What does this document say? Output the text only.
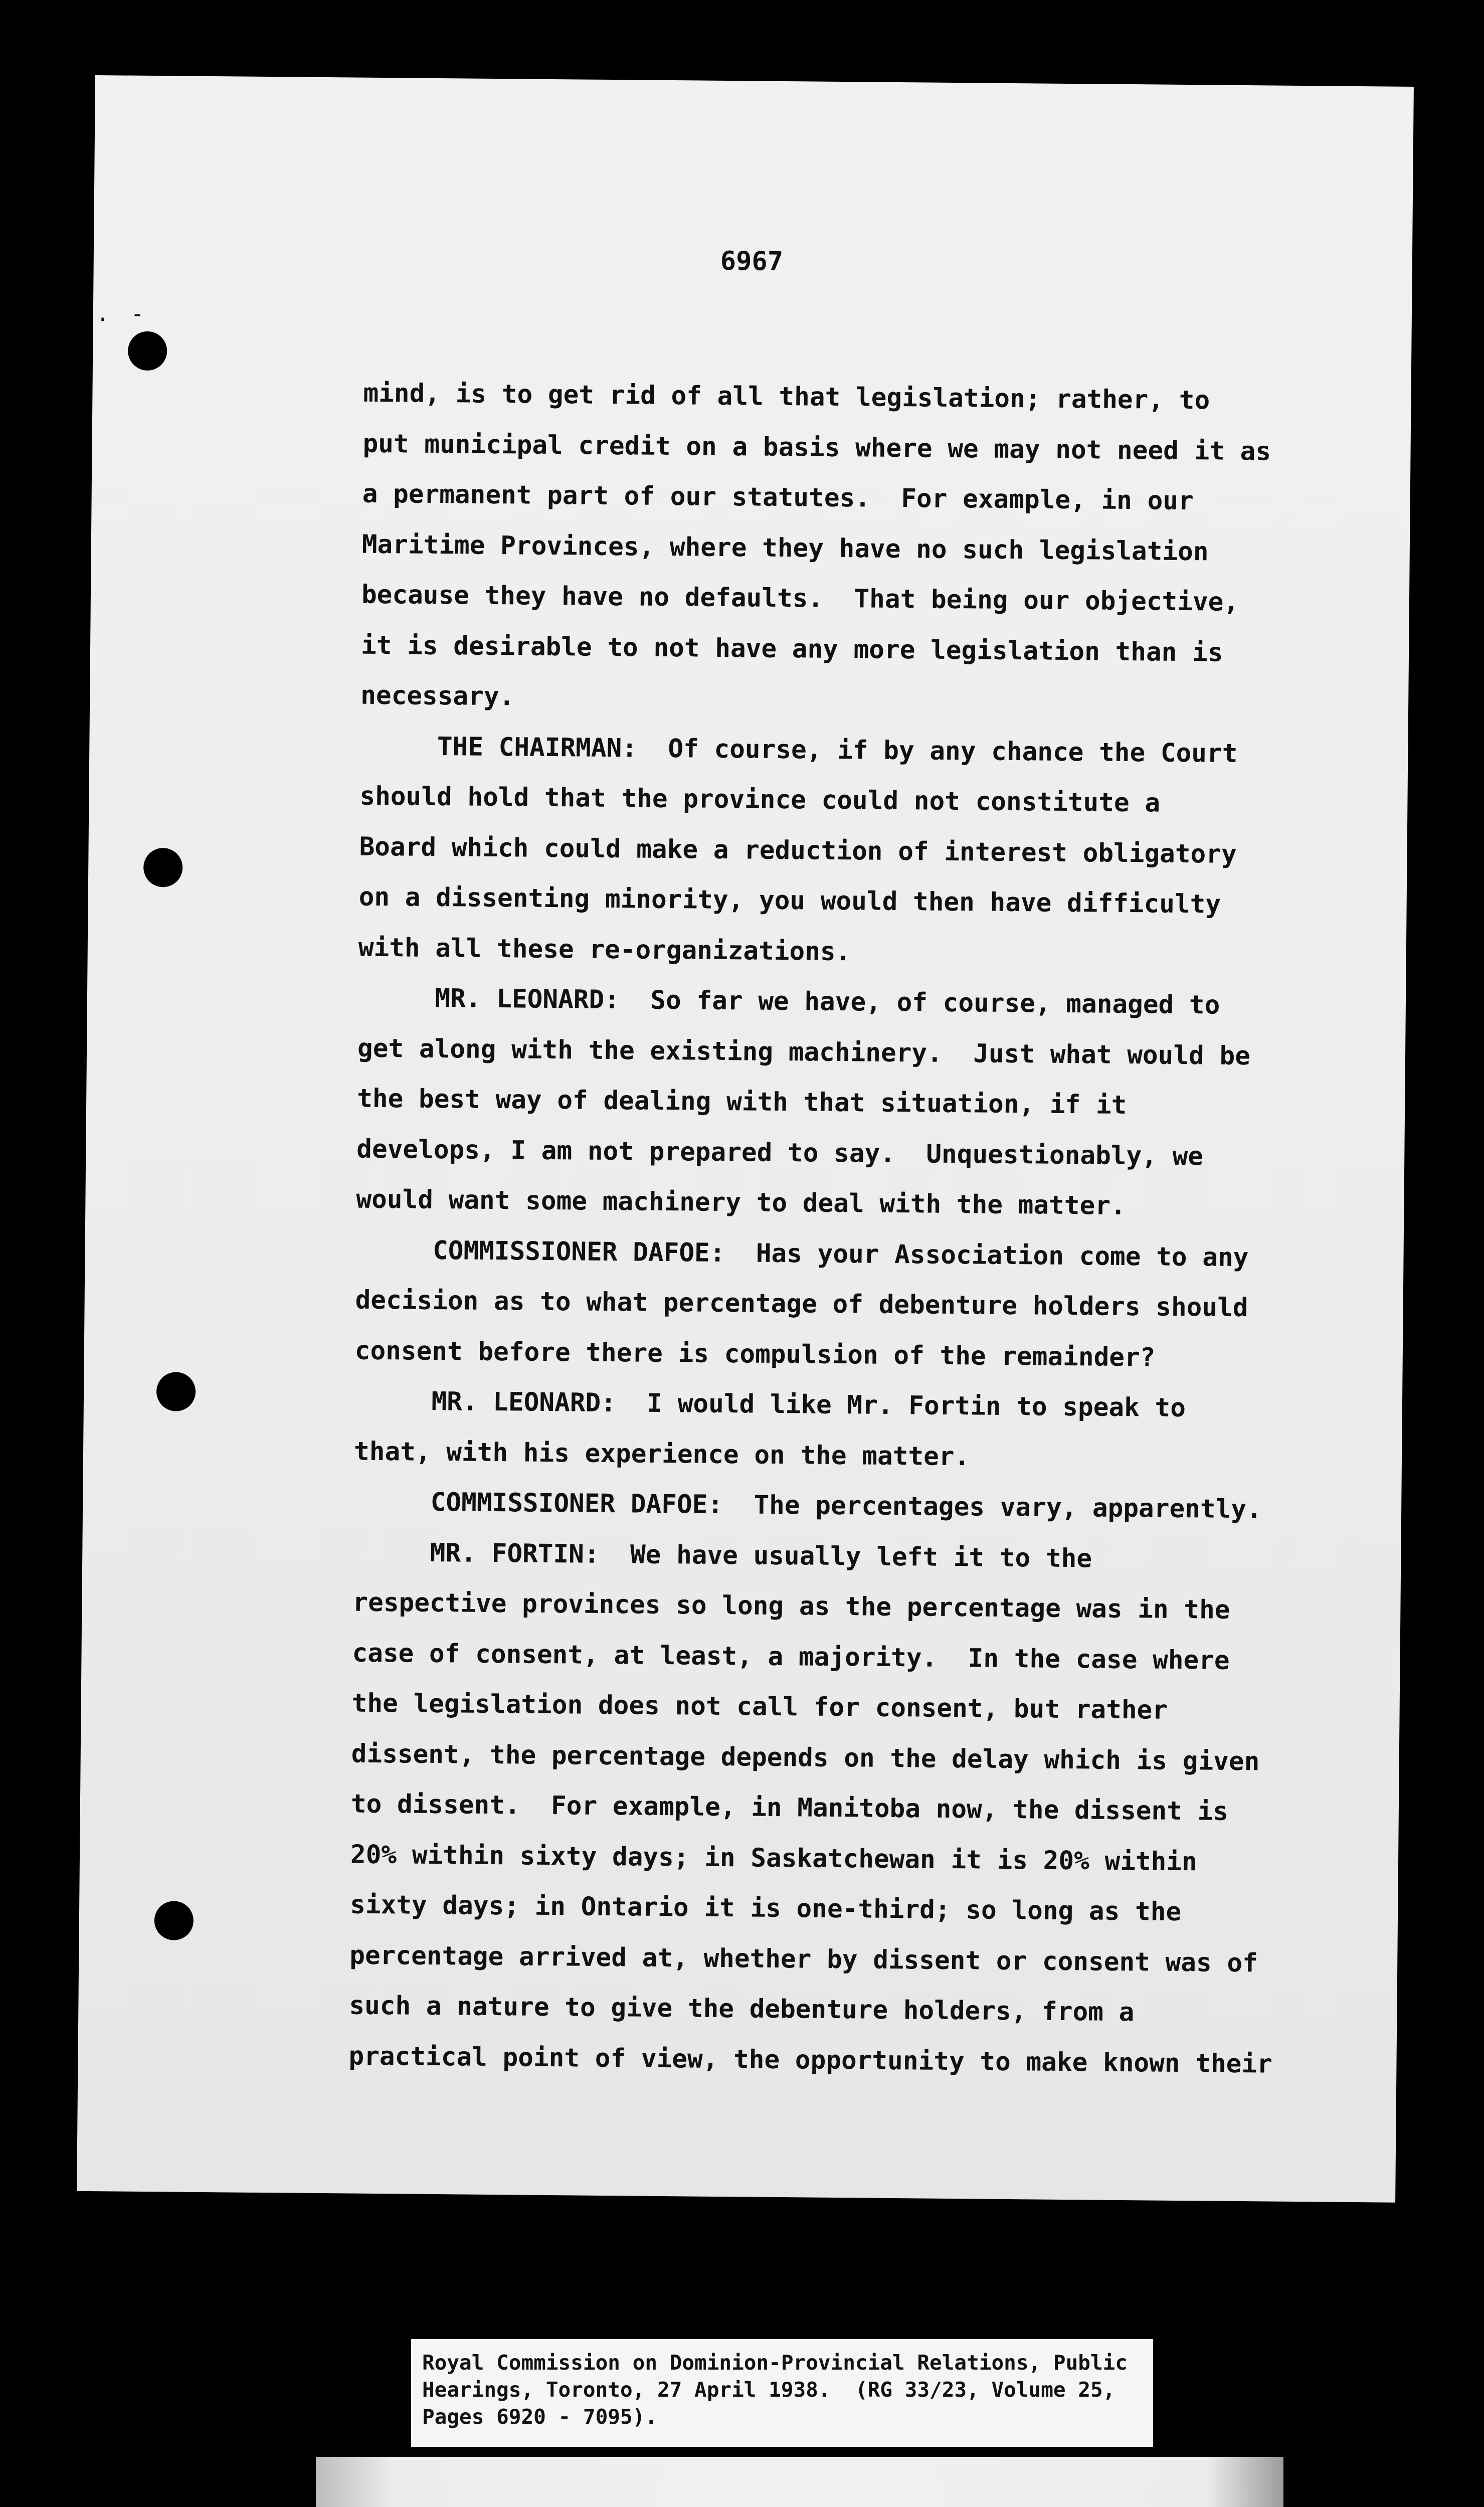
. -
6967
mind, is to get rid of all that legislation; rather, to
put municipal credit on a basis where we may not need it as
a permanent part of our statutes.  For example, in our
Maritime Provinces, where they have no such legislation
because they have no defaults.  That being our objective,
it is desirable to not have any more legislation than is
necessary.
THE CHAIRMAN:  Of course, if by any chance the Court
should hold that the province could not constitute a
Board which could make a reduction of interest obligatory
on a dissenting minority, you would then have difficulty
with all these re-organizations.
MR. LEONARD:  So far we have, of course, managed to
get along with the existing machinery.  Just what would be
the best way of dealing with that situation, if it
develops, I am not prepared to say.  Unquestionably, we
would want some machinery to deal with the matter.
COMMISSIONER DAFOE:  Has your Association come to any
decision as to what percentage of debenture holders should
consent before there is compulsion of the remainder?
MR. LEONARD:  I would like Mr. Fortin to speak to
that, with his experience on the matter.
COMMISSIONER DAFOE:  The percentages vary, apparently.
MR. FORTIN:  We have usually left it to the
respective provinces so long as the percentage was in the
case of consent, at least, a majority.  In the case where
the legislation does not call for consent, but rather
dissent, the percentage depends on the delay which is given
to dissent.  For example, in Manitoba now, the dissent is
20% within sixty days; in Saskatchewan it is 20% within
sixty days; in Ontario it is one-third; so long as the
percentage arrived at, whether by dissent or consent was of
such a nature to give the debenture holders, from a
practical point of view, the opportunity to make known their
Royal Commission on Dominion-Provincial Relations, Public
Hearings, Toronto, 27 April 1938.  (RG 33/23, Volume 25,
Pages 6920 - 7095).
